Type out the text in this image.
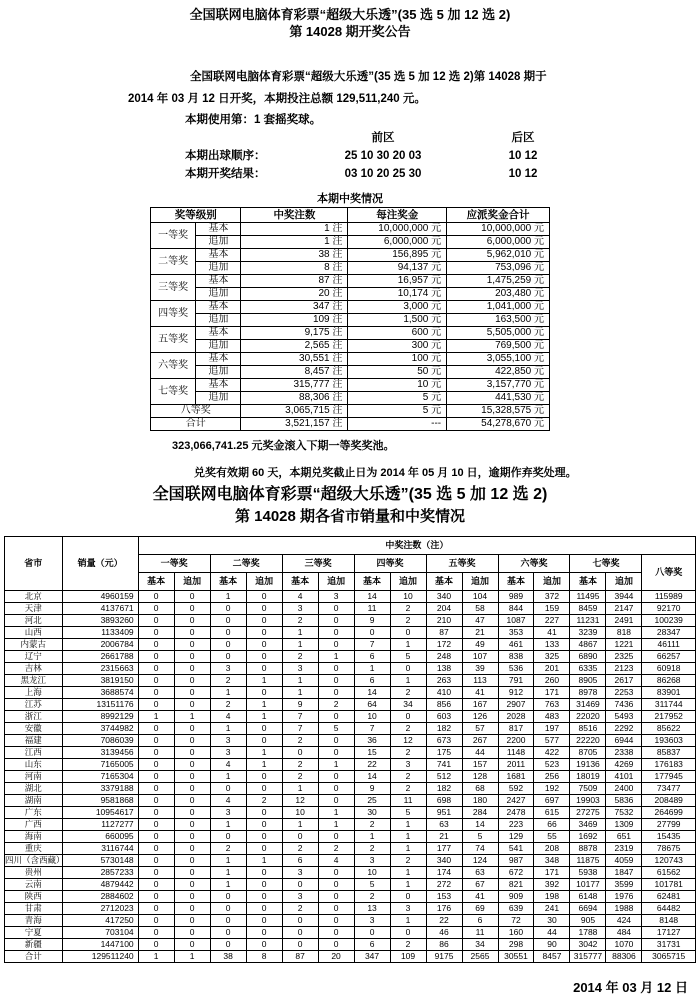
全国联网电脑体育彩票“超级大乐透”(35 选 5 加 12 选 2)
第 14028 期开奖公告

全国联网电脑体育彩票“超级大乐透”(35 选 5 加 12 选 2)第 14028 期于 2014 年 03 月 12 日开奖，本期投注总额 129,511,240 元。

本期使用第：1 套摇奖球。

前区	后区
本期出球顺序：	25 10 30 20 03	10 12
本期开奖结果：	03 10 20 25 30	10 12
本期中奖情况
奖等级别		中奖注数	每注奖金	应派奖金合计
一等奖	基本	1 注	10,000,000 元	10,000,000 元
	追加	1 注	6,000,000 元	6,000,000 元
二等奖	基本	38 注	156,895 元	5,962,010 元
	追加	8 注	94,137 元	753,096 元
三等奖	基本	87 注	16,957 元	1,475,259 元
	追加	20 注	10,174 元	203,480 元
四等奖	基本	347 注	3,000 元	1,041,000 元
	追加	109 注	1,500 元	163,500 元
五等奖	基本	9,175 注	600 元	5,505,000 元
	追加	2,565 注	300 元	769,500 元
六等奖	基本	30,551 注	100 元	3,055,100 元
	追加	8,457 注	50 元	422,850 元
七等奖	基本	315,777 注	10 元	3,157,770 元
	追加	88,306 注	5 元	441,530 元
八等奖		3,065,715 注	5 元	15,328,575 元
合计		3,521,157 注	---	54,278,670 元

323,066,741.25 元奖金滚入下期一等奖奖池。

兑奖有效期 60 天，本期兑奖截止日为 2014 年 05 月 10 日，逾期作弃奖处理。

全国联网电脑体育彩票“超级大乐透”(35 选 5 加 12 选 2)
第 14028 期各省市销量和中奖情况
省市	销量（元）	中奖注数（注）														
		一等奖		二等奖		三等奖		四等奖		五等奖		六等奖		七等奖		八等奖
		基本	追加	基本	追加	基本	追加	基本	追加	基本	追加	基本	追加	基本	追加	
北京	4960159	0	0	1	0	4	3	14	10	340	104	989	372	11495	3944	115989
天津	4137671	0	0	0	0	3	0	11	2	204	58	844	159	8459	2147	92170
河北	3893260	0	0	0	0	2	0	9	2	210	47	1087	227	11231	2491	100239
山西	1133409	0	0	0	0	1	0	0	0	87	21	353	41	3239	818	28347
内蒙古	2006784	0	0	0	0	1	0	7	1	172	49	461	133	4867	1221	46111
辽宁	2661788	0	0	0	0	2	1	6	5	248	107	838	325	6890	2325	66257
吉林	2315663	0	0	3	0	3	0	1	0	138	39	536	201	6335	2123	60918
黑龙江	3819150	0	0	2	1	1	0	6	1	263	113	791	260	8905	2617	86268
上海	3688574	0	0	1	0	1	0	14	2	410	41	912	171	8978	2253	83901
江苏	13151176	0	0	2	1	9	2	64	34	856	167	2907	763	31469	7436	311744
浙江	8992129	1	1	4	1	7	0	10	0	603	126	2028	483	22020	5493	217952
安徽	3744982	0	0	1	0	7	5	7	2	182	57	817	197	8516	2292	85622
福建	7086039	0	0	3	0	2	0	36	12	673	267	2200	577	22220	6944	193603
江西	3139456	0	0	3	1	0	0	15	2	175	44	1148	422	8705	2338	85837
山东	7165005	0	0	4	1	2	1	22	3	741	157	2011	523	19136	4269	176183
河南	7165304	0	0	1	0	2	0	14	2	512	128	1681	256	18019	4101	177945
湖北	3379188	0	0	0	0	1	0	9	2	182	68	592	192	7509	2400	73477
湖南	9581868	0	0	4	2	12	0	25	11	698	180	2427	697	19903	5836	208489
广东	10954617	0	0	3	0	10	1	30	5	951	284	2478	615	27275	7532	264699
广西	1127277	0	0	1	0	1	1	2	1	63	14	223	66	3469	1309	27799
海南	660095	0	0	0	0	0	0	1	1	21	5	129	55	1692	651	15435
重庆	3116744	0	0	2	0	2	2	2	1	177	74	541	208	8878	2319	78675
四川（含西藏）	5730148	0	0	1	1	6	4	3	2	340	124	987	348	11875	4059	120743
贵州	2857233	0	0	1	0	3	0	10	1	174	63	672	171	5938	1847	61562
云南	4879442	0	0	1	0	0	0	5	1	272	67	821	392	10177	3599	101781
陕西	2884602	0	0	0	0	3	0	2	0	153	41	909	198	6148	1976	62481
甘肃	2712023	0	0	0	0	2	0	13	3	176	69	639	241	6694	1988	64482
青海	417250	0	0	0	0	0	0	3	1	22	6	72	30	905	424	8148
宁夏	703104	0	0	0	0	0	0	0	0	46	11	160	44	1788	484	17127
新疆	1447100	0	0	0	0	0	0	6	2	86	34	298	90	3042	1070	31731
合计	129511240	1	1	38	8	87	20	347	109	9175	2565	30551	8457	315777	88306	3065715
2014 年 03 月 12 日
